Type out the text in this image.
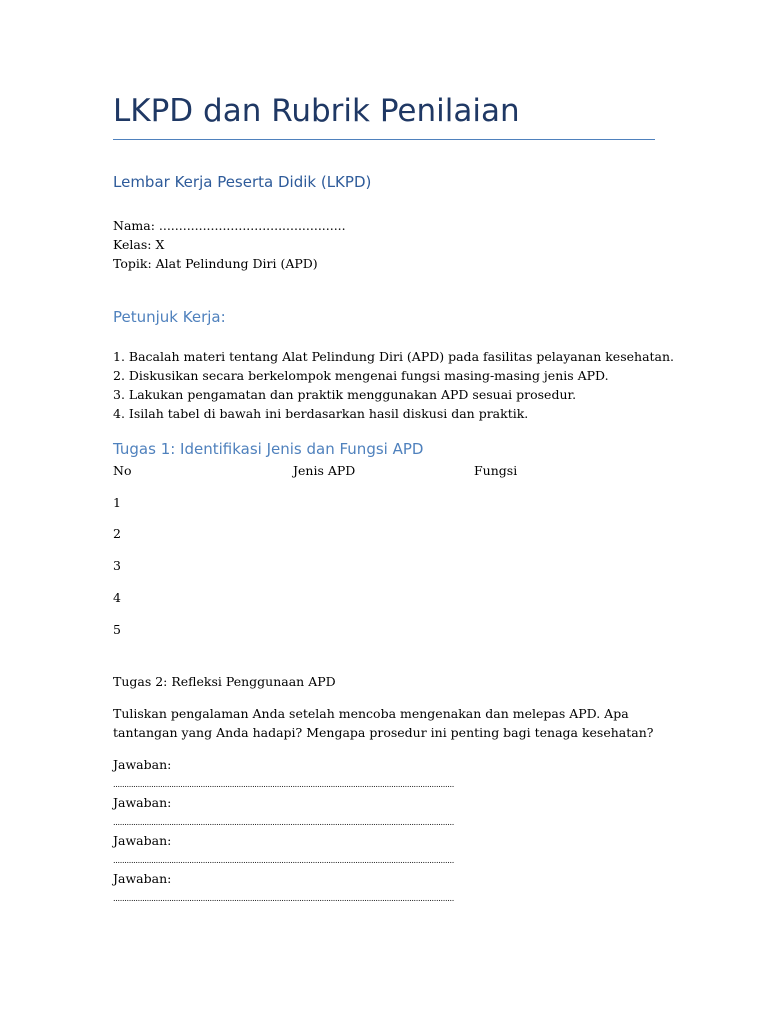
LKPD dan Rubrik Penilaian
Lembar Kerja Peserta Didik (LKPD)
Nama: ...............................................
Kelas: X
Topik: Alat Pelindung Diri (APD)
Petunjuk Kerja:
1. Bacalah materi tentang Alat Pelindung Diri (APD) pada fasilitas pelayanan kesehatan.
2. Diskusikan secara berkelompok mengenai fungsi masing-masing jenis APD.
3. Lakukan pengamatan dan praktik menggunakan APD sesuai prosedur.
4. Isilah tabel di bawah ini berdasarkan hasil diskusi dan praktik.
Tugas 1: Identifikasi Jenis dan Fungsi APD
No	Jenis APD	Fungsi
1
2
3
4
5
Tugas 2: Refleksi Penggunaan APD
Tuliskan pengalaman Anda setelah mencoba mengenakan dan melepas APD. Apa tantangan yang Anda hadapi? Mengapa prosedur ini penting bagi tenaga kesehatan?
Jawaban:
........................................................................................................................................................
Jawaban:
........................................................................................................................................................
Jawaban:
........................................................................................................................................................
Jawaban:
........................................................................................................................................................
